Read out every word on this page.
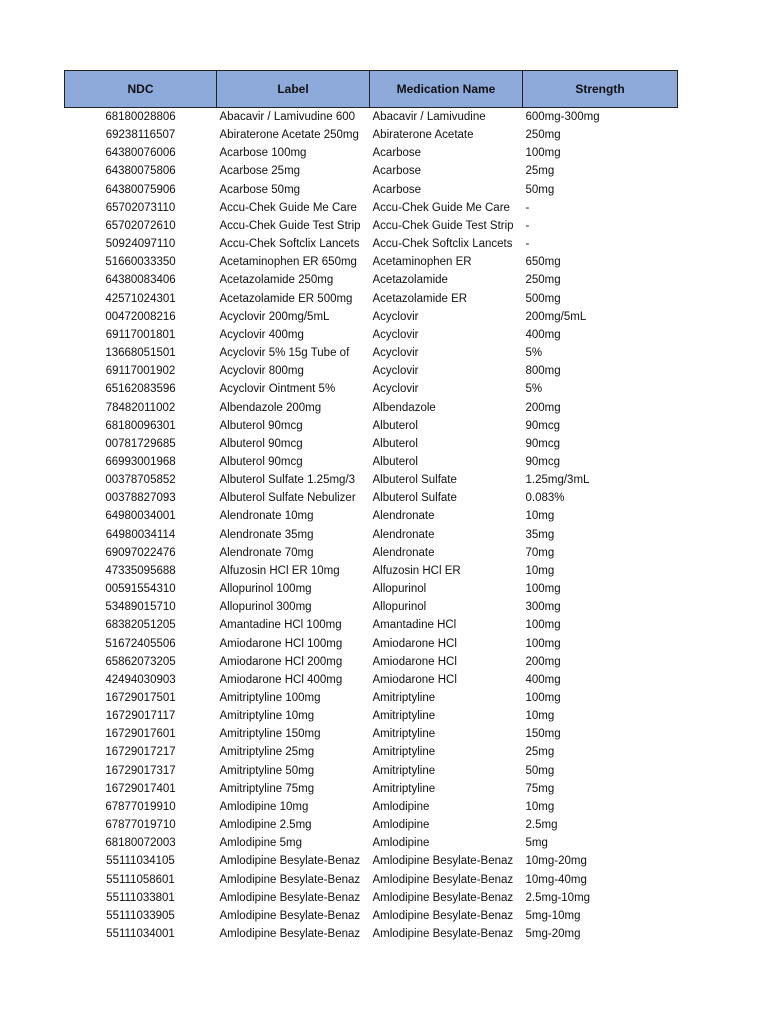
NDC	Label	Medication Name	Strength
68180028806	Abacavir / Lamivudine 600	Abacavir / Lamivudine	600mg-300mg
69238116507	Abiraterone Acetate 250mg	Abiraterone Acetate	250mg
64380076006	Acarbose 100mg	Acarbose	100mg
64380075806	Acarbose 25mg	Acarbose	25mg
64380075906	Acarbose 50mg	Acarbose	50mg
65702073110	Accu-Chek Guide Me Care	Accu-Chek Guide Me Care	-
65702072610	Accu-Chek Guide Test Strip	Accu-Chek Guide Test Strip	-
50924097110	Accu-Chek Softclix Lancets	Accu-Chek Softclix Lancets	-
51660033350	Acetaminophen ER 650mg	Acetaminophen ER	650mg
64380083406	Acetazolamide 250mg	Acetazolamide	250mg
42571024301	Acetazolamide ER 500mg	Acetazolamide ER	500mg
00472008216	Acyclovir 200mg/5mL	Acyclovir	200mg/5mL
69117001801	Acyclovir 400mg	Acyclovir	400mg
13668051501	Acyclovir 5% 15g Tube of	Acyclovir	5%
69117001902	Acyclovir 800mg	Acyclovir	800mg
65162083596	Acyclovir Ointment 5%	Acyclovir	5%
78482011002	Albendazole 200mg	Albendazole	200mg
68180096301	Albuterol 90mcg	Albuterol	90mcg
00781729685	Albuterol 90mcg	Albuterol	90mcg
66993001968	Albuterol 90mcg	Albuterol	90mcg
00378705852	Albuterol Sulfate 1.25mg/3	Albuterol Sulfate	1.25mg/3mL
00378827093	Albuterol Sulfate Nebulizer	Albuterol Sulfate	0.083%
64980034001	Alendronate 10mg	Alendronate	10mg
64980034114	Alendronate 35mg	Alendronate	35mg
69097022476	Alendronate 70mg	Alendronate	70mg
47335095688	Alfuzosin HCl ER 10mg	Alfuzosin HCl ER	10mg
00591554310	Allopurinol 100mg	Allopurinol	100mg
53489015710	Allopurinol 300mg	Allopurinol	300mg
68382051205	Amantadine HCl 100mg	Amantadine HCl	100mg
51672405506	Amiodarone HCl 100mg	Amiodarone HCl	100mg
65862073205	Amiodarone HCl 200mg	Amiodarone HCl	200mg
42494030903	Amiodarone HCl 400mg	Amiodarone HCl	400mg
16729017501	Amitriptyline 100mg	Amitriptyline	100mg
16729017117	Amitriptyline 10mg	Amitriptyline	10mg
16729017601	Amitriptyline 150mg	Amitriptyline	150mg
16729017217	Amitriptyline 25mg	Amitriptyline	25mg
16729017317	Amitriptyline 50mg	Amitriptyline	50mg
16729017401	Amitriptyline 75mg	Amitriptyline	75mg
67877019910	Amlodipine 10mg	Amlodipine	10mg
67877019710	Amlodipine 2.5mg	Amlodipine	2.5mg
68180072003	Amlodipine 5mg	Amlodipine	5mg
55111034105	Amlodipine Besylate-Benaz	Amlodipine Besylate-Benaz	10mg-20mg
55111058601	Amlodipine Besylate-Benaz	Amlodipine Besylate-Benaz	10mg-40mg
55111033801	Amlodipine Besylate-Benaz	Amlodipine Besylate-Benaz	2.5mg-10mg
55111033905	Amlodipine Besylate-Benaz	Amlodipine Besylate-Benaz	5mg-10mg
55111034001	Amlodipine Besylate-Benaz	Amlodipine Besylate-Benaz	5mg-20mg
